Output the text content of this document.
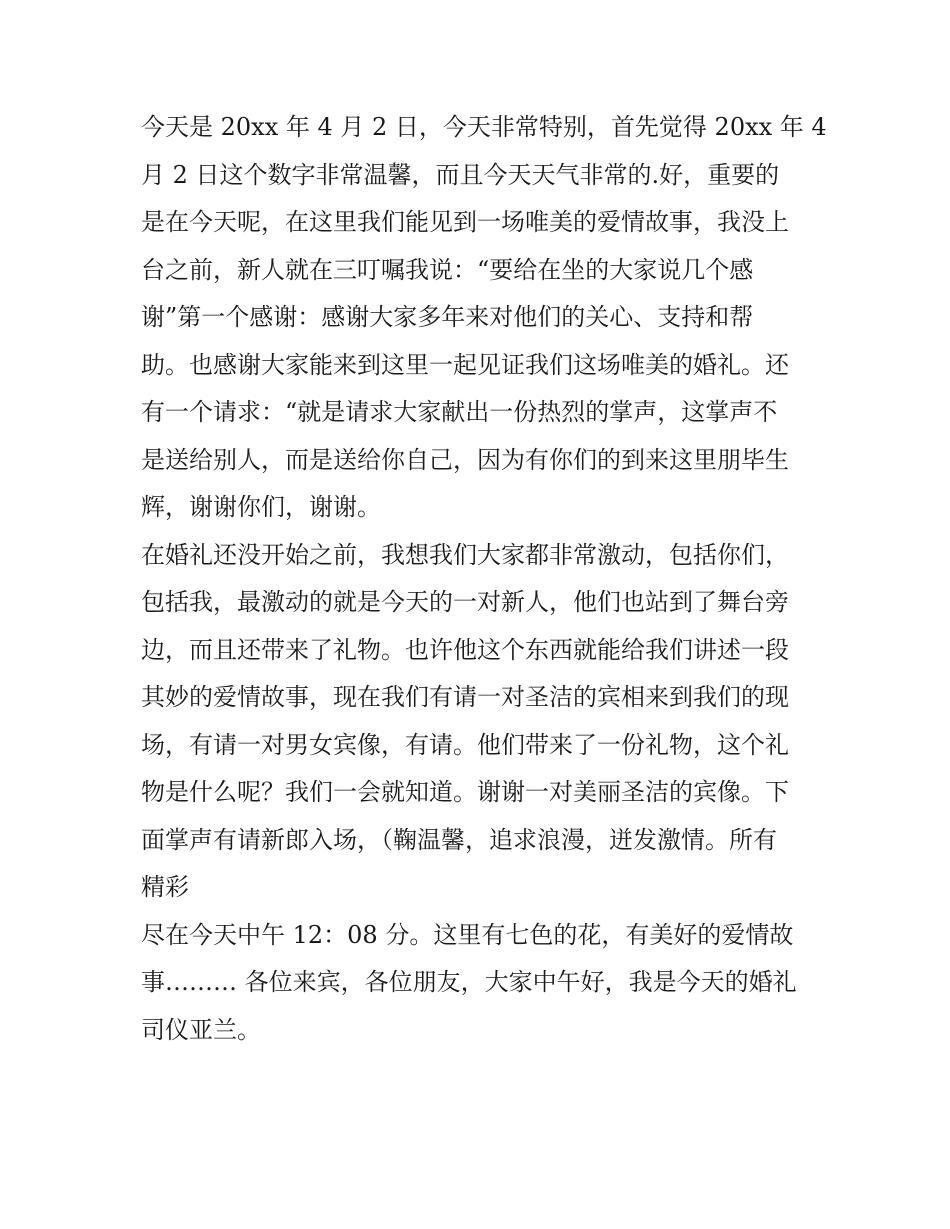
今天是 20xx 年 4 月 2 日，今天非常特别，首先觉得 20xx 年 4
月 2 日这个数字非常温馨，而且今天天气非常的.好，重要的
是在今天呢，在这里我们能见到一场唯美的爱情故事，我没上
台之前，新人就在三叮嘱我说：“要给在坐的大家说几个感
谢”第一个感谢：感谢大家多年来对他们的关心、支持和帮
助。也感谢大家能来到这里一起见证我们这场唯美的婚礼。还
有一个请求：“就是请求大家献出一份热烈的掌声，这掌声不
是送给别人，而是送给你自己，因为有你们的到来这里朋毕生
辉，谢谢你们，谢谢。
在婚礼还没开始之前，我想我们大家都非常激动，包括你们，
包括我，最激动的就是今天的一对新人，他们也站到了舞台旁
边，而且还带来了礼物。也许他这个东西就能给我们讲述一段
其妙的爱情故事，现在我们有请一对圣洁的宾相来到我们的现
场，有请一对男女宾像，有请。他们带来了一份礼物，这个礼
物是什么呢？我们一会就知道。谢谢一对美丽圣洁的宾像。下
面掌声有请新郎入场，（鞠温馨，追求浪漫，迸发激情。所有
精彩
尽在今天中午 12：08 分。这里有七色的花，有美好的爱情故
事……… 各位来宾，各位朋友，大家中午好，我是今天的婚礼
司仪亚兰。
